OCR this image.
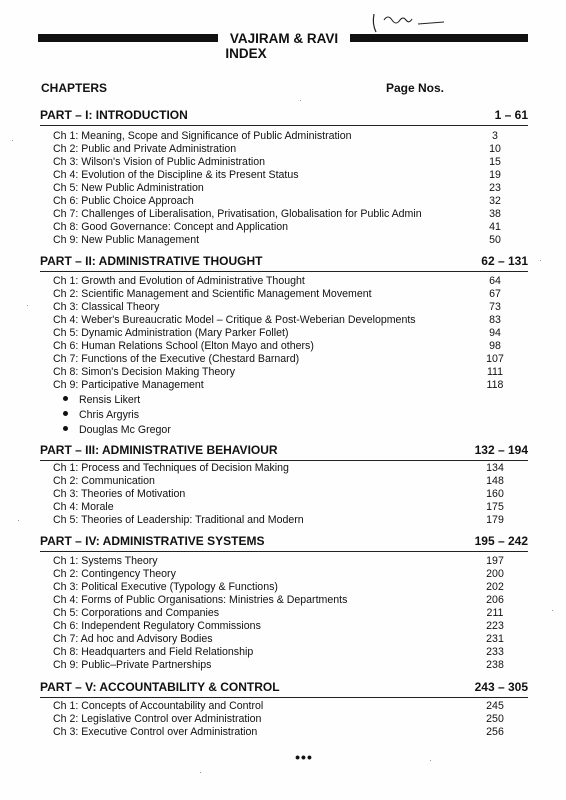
VAJIRAM & RAVI
INDEX
CHAPTERS	Page Nos.
PART – I: INTRODUCTION	1 – 61
Ch 1: Meaning, Scope and Significance of Public Administration	3
Ch 2: Public and Private Administration	10
Ch 3: Wilson's Vision of Public Administration	15
Ch 4: Evolution of the Discipline & its Present Status	19
Ch 5: New Public Administration	23
Ch 6: Public Choice Approach	32
Ch 7: Challenges of Liberalisation, Privatisation, Globalisation for Public Admin	38
Ch 8: Good Governance: Concept and Application	41
Ch 9: New Public Management	50
PART – II: ADMINISTRATIVE THOUGHT	62 – 131
Ch 1: Growth and Evolution of Administrative Thought	64
Ch 2: Scientific Management and Scientific Management Movement	67
Ch 3: Classical Theory	73
Ch 4: Weber's Bureaucratic Model – Critique & Post-Weberian Developments	83
Ch 5: Dynamic Administration (Mary Parker Follet)	94
Ch 6: Human Relations School (Elton Mayo and others)	98
Ch 7: Functions of the Executive (Chestard Barnard)	107
Ch 8: Simon's Decision Making Theory	111
Ch 9: Participative Management	118
Rensis Likert
Chris Argyris
Douglas Mc Gregor
PART – III: ADMINISTRATIVE BEHAVIOUR	132 – 194
Ch 1: Process and Techniques of Decision Making	134
Ch 2: Communication	148
Ch 3: Theories of Motivation	160
Ch 4: Morale	175
Ch 5: Theories of Leadership: Traditional and Modern	179
PART – IV: ADMINISTRATIVE SYSTEMS	195 – 242
Ch 1: Systems Theory	197
Ch 2: Contingency Theory	200
Ch 3: Political Executive (Typology & Functions)	202
Ch 4: Forms of Public Organisations: Ministries & Departments	206
Ch 5: Corporations and Companies	211
Ch 6: Independent Regulatory Commissions	223
Ch 7: Ad hoc and Advisory Bodies	231
Ch 8: Headquarters and Field Relationship	233
Ch 9: Public–Private Partnerships	238
PART – V: ACCOUNTABILITY & CONTROL	243 – 305
Ch 1: Concepts of Accountability and Control	245
Ch 2: Legislative Control over Administration	250
Ch 3: Executive Control over Administration	256
•••
